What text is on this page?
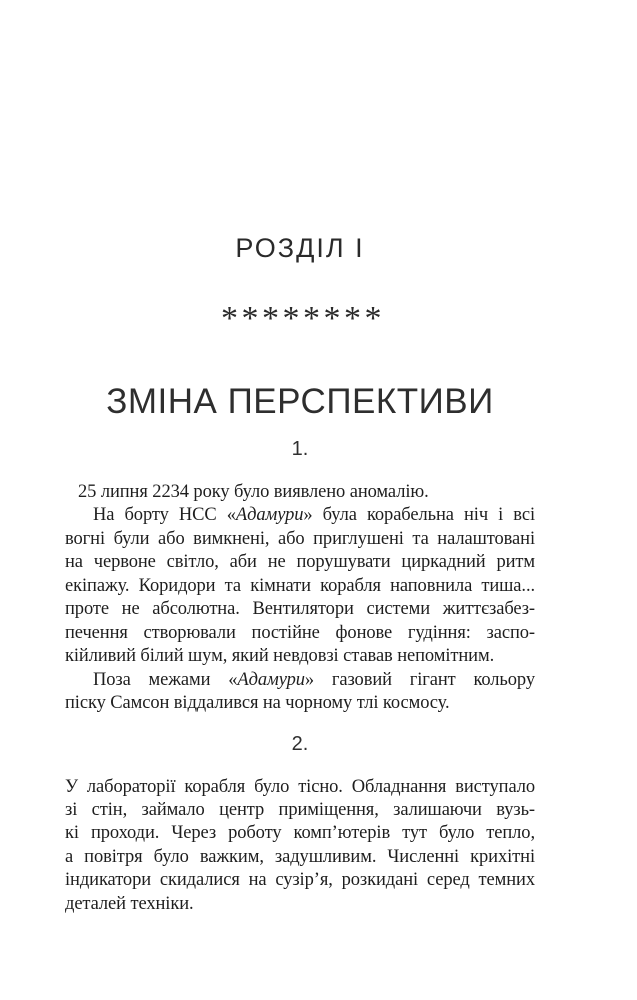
РОЗДІЛ І
* * * * * * * *
ЗМІНА ПЕРСПЕКТИВИ
1.
25 липня 2234 року було виявлено аномалію.
На борту НСС «Адамури» була корабельна ніч і всі
вогні були або вимкнені, або приглушені та налаштовані
на червоне світло, аби не порушувати циркадний ритм
екіпажу. Коридори та кімнати корабля наповнила тиша...
проте не абсолютна. Вентилятори системи життєзабез-
печення створювали постійне фонове гудіння: заспо-
кійливий білий шум, який невдовзі ставав непомітним.
Поза межами «Адамури» газовий гігант кольору
піску Самсон віддалився на чорному тлі космосу.
2.
У лабораторії корабля було тісно. Обладнання виступало
зі стін, займало центр приміщення, залишаючи вузь-
кі проходи. Через роботу комп’ютерів тут було тепло,
а повітря було важким, задушливим. Численні крихітні
індикатори скидалися на сузір’я, розкидані серед темних
деталей техніки.
